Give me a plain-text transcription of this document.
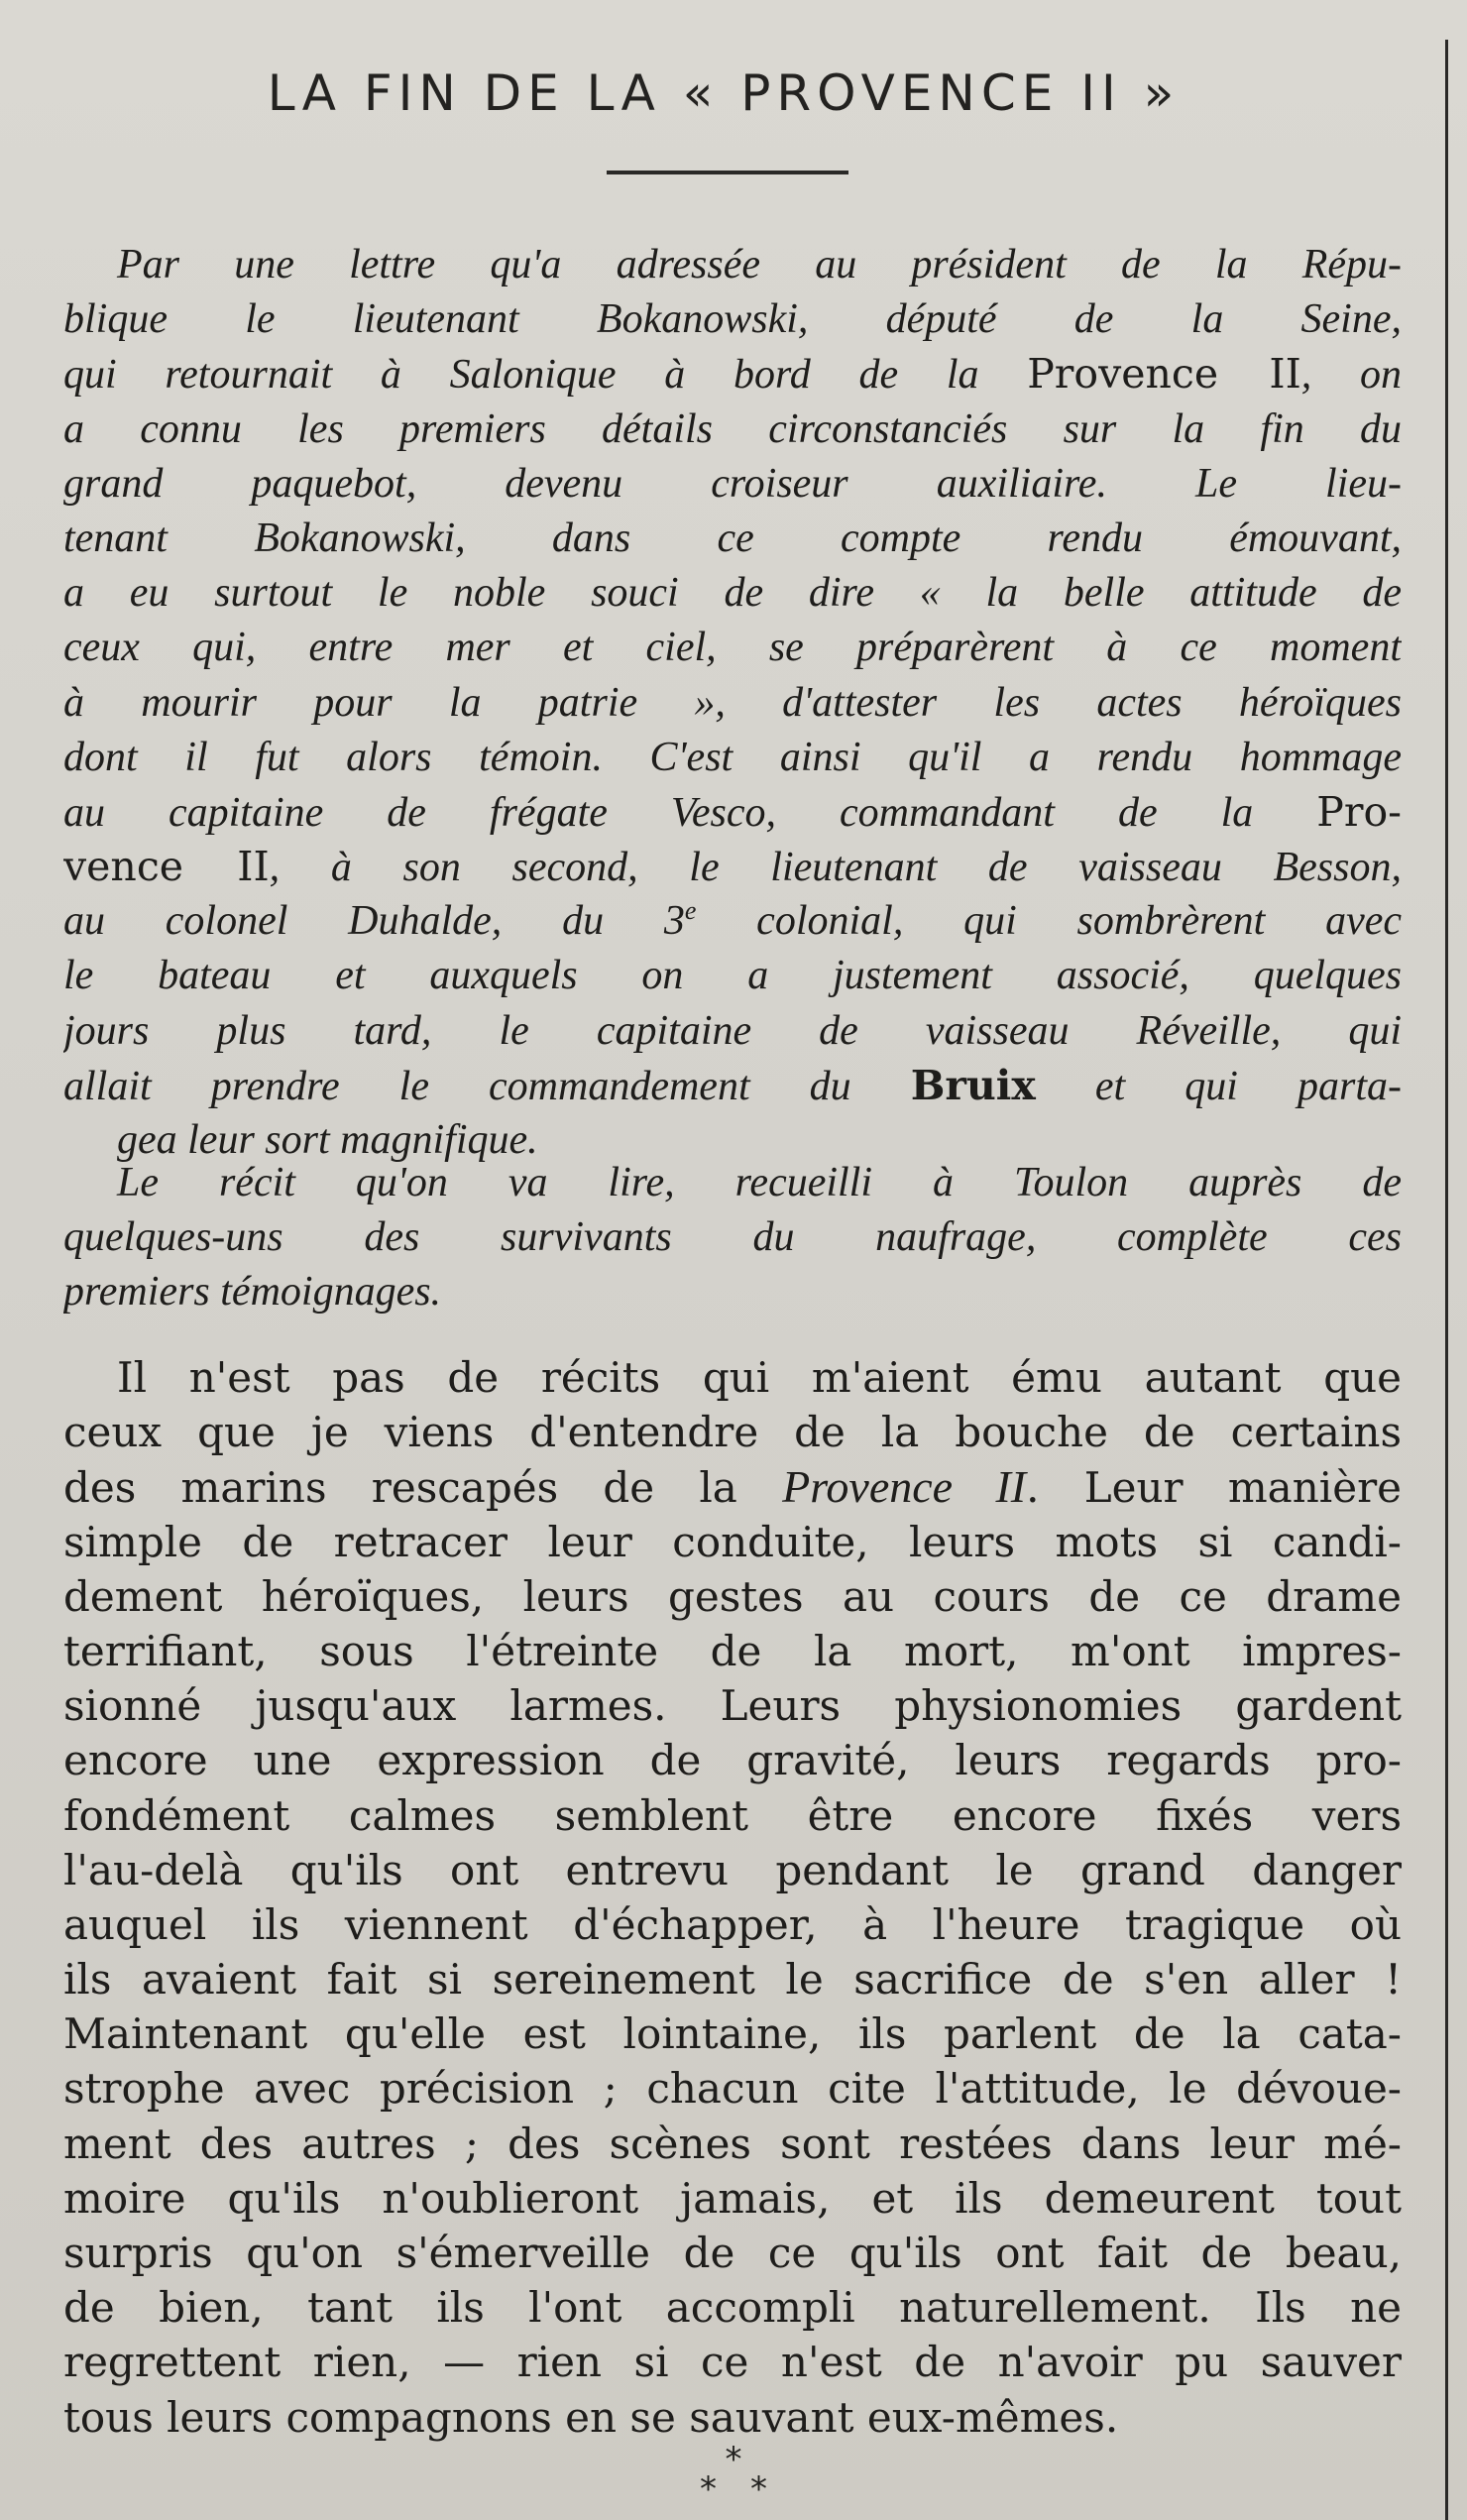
LA FIN DE LA « PROVENCE II »
Par une lettre qu'a adressée au président de la Répu-
blique le lieutenant Bokanowski, député de la Seine,
qui retournait à Salonique à bord de la Provence II, on
a connu les premiers détails circonstanciés sur la fin du
grand paquebot, devenu croiseur auxiliaire. Le lieu-
tenant Bokanowski, dans ce compte rendu émouvant,
a eu surtout le noble souci de dire « la belle attitude de
ceux qui, entre mer et ciel, se préparèrent à ce moment
à mourir pour la patrie », d'attester les actes héroïques
dont il fut alors témoin. C'est ainsi qu'il a rendu hommage
au capitaine de frégate Vesco, commandant de la Pro-
vence II, à son second, le lieutenant de vaisseau Besson,
au colonel Duhalde, du 3e colonial, qui sombrèrent avec
le bateau et auxquels on a justement associé, quelques
jours plus tard, le capitaine de vaisseau Réveille, qui
allait prendre le commandement du Bruix et qui parta-
gea leur sort magnifique.
Le récit qu'on va lire, recueilli à Toulon auprès de
quelques-uns des survivants du naufrage, complète ces
premiers témoignages.
Il n'est pas de récits qui m'aient ému autant que
ceux que je viens d'entendre de la bouche de certains
des marins rescapés de la Provence II. Leur manière
simple de retracer leur conduite, leurs mots si candi-
dement héroïques, leurs gestes au cours de ce drame
terrifiant, sous l'étreinte de la mort, m'ont impres-
sionné jusqu'aux larmes. Leurs physionomies gardent
encore une expression de gravité, leurs regards pro-
fondément calmes semblent être encore fixés vers
l'au-delà qu'ils ont entrevu pendant le grand danger
auquel ils viennent d'échapper, à l'heure tragique où
ils avaient fait si sereinement le sacrifice de s'en aller !
Maintenant qu'elle est lointaine, ils parlent de la cata-
strophe avec précision ; chacun cite l'attitude, le dévoue-
ment des autres ; des scènes sont restées dans leur mé-
moire qu'ils n'oublieront jamais, et ils demeurent tout
surpris qu'on s'émerveille de ce qu'ils ont fait de beau,
de bien, tant ils l'ont accompli naturellement. Ils ne
regrettent rien, — rien si ce n'est de n'avoir pu sauver
tous leurs compagnons en se sauvant eux-mêmes.
*
* *
